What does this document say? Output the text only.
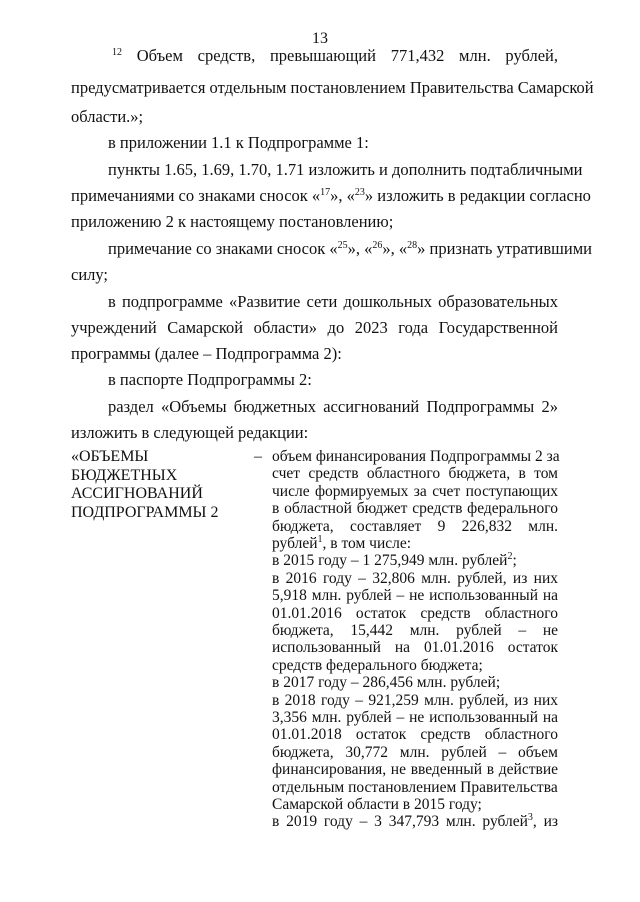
13
$^{12}$ Объем средств, превышающий 771,432 млн. рублей,
предусматривается отдельным постановлением Правительства Самарской
области.»;
в приложении 1.1 к Подпрограмме 1:
пункты 1.65, 1.69, 1.70, 1.71 изложить и дополнить подтабличными
примечаниями со знаками сносок «$^{17}$», «$^{23}$» изложить в редакции согласно
приложению 2 к настоящему постановлению;
примечание со знаками сносок «$^{25}$», «$^{26}$», «$^{28}$» признать утратившими
силу;
в подпрограмме «Развитие сети дошкольных образовательных
учреждений Самарской области» до 2023 года Государственной
программы (далее – Подпрограмма 2):
в паспорте Подпрограммы 2:
раздел «Объемы бюджетных ассигнований Подпрограммы 2»
изложить в следующей редакции:
«ОБЪЕМЫ
БЮДЖЕТНЫХ
АССИГНОВАНИЙ
ПОДПРОГРАММЫ 2
– объем финансирования Подпрограммы 2 за
счет средств областного бюджета, в том
числе формируемых за счет поступающих
в областной бюджет средств федерального
бюджета, составляет 9 226,832 млн.
рублей$^1$, в том числе:
в 2015 году – 1 275,949 млн. рублей$^2$;
в 2016 году – 32,806 млн. рублей, из них
5,918 млн. рублей – не использованный на
01.01.2016 остаток средств областного
бюджета, 15,442 млн. рублей – не
использованный на 01.01.2016 остаток
средств федерального бюджета;
в 2017 году – 286,456 млн. рублей;
в 2018 году – 921,259 млн. рублей, из них
3,356 млн. рублей – не использованный на
01.01.2018 остаток средств областного
бюджета, 30,772 млн. рублей – объем
финансирования, не введенный в действие
отдельным постановлением Правительства
Самарской области в 2015 году;
в 2019 году – 3 347,793 млн. рублей$^3$, из
